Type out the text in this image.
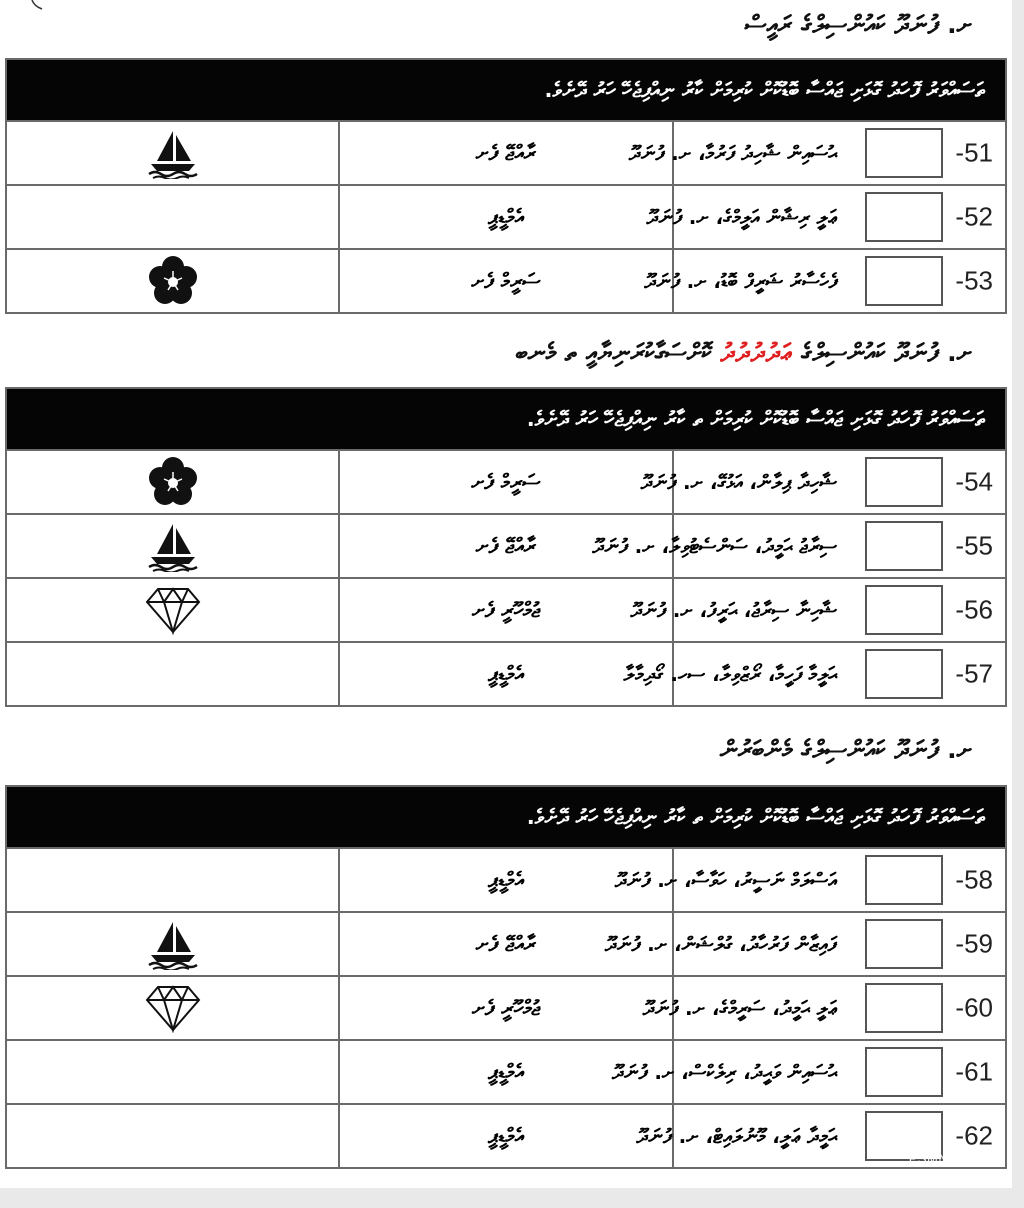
ށ. ފުނަދޫ ކައުންސިލްގެ ރައީސް
ތަސައްވަރު ފޮހަދު ގޮޅަށި ޖައްސާ ބޮޑުކޮށް ކުރިމަށް ކާރު ނިއްފިޖެހޭ ހަރު ދޭށެވެ.		

	ރާއްޖޭ ފެށ	ޙުސައިން ޝާހިދު ފަރުމާ، ށ. ފުނަދޫ -51

	އެމްޑީޕީ	ޢަލީ ރިޝާން އަލީމްގެ، ށ. ފުނަދޫ -52

	ސަރީމް ފެށ	ފެހެސާރު ޝަރީފް ބޮޑު، ށ. ފުނަދޫ -53
ށ. ފުނަދޫ ކައުންސިލްގެ ޢަދުދުދުދު ކޮށްސަގާކުރަނިޔާއީ ތ މެނބ
ތަސައްވަރު ފޮހަދު ގޮޅަށި ޖައްސާ ބޮޑުކޮށް ކުރިމަށް ތ ކާރު ނިއްފިޖެހޭ ހަރު ދޭށެވެ.		

	ސަރީމް ފެށ	ޝާހިދާ ޕިލާން، އަޅުގޭ، ށ. ފުނަދޫ -54

	ރާއްޖޭ ފެށ	ސިރާޖު ޙަމީދު، ސަންސެޓުވިލާ، ށ. ފުނަދޫ -55

	ޖުމްހޫރީ ފެށ	ޝާހިނާ ސިރާޖު، ޙަރީފު، ށ. ފުނަދޫ -56

	އެމްޑީޕީ	ޙަލީމާ ފަހީމާ، ރޯޒްވިލާ، ސހ. ގޯދިމާލާ -57
ށ. ފުނަދޫ ކައުންސިލްގެ މެންބަރުން
ތަސައްވަރު ފޮހަދު ގޮޅަށި ޖައްސާ ބޮޑުކޮށް ކުރިމަށް ތ ކާރު ނިއްފިޖެހޭ ހަރު ދޭށެވެ.		
	އެމްޑީޕީ	އަސްލަމް ނަސީރު، ހަވާސާ، ށ. ފުނަދޫ -58

	ރާއްޖޭ ފެށ	ފައިޒާން ފަރުހާދު، ގުލްޝަން، ށ. ފުނަދޫ -59

	ޖުމްހޫރީ ފެށ	ޢަލީ ޙަމީދު، ސަރީމްގެ، ށ. ފުނަދޫ -60

	އެމްޑީޕީ	ޙުސައިން ވަޙީދު، ރިލެކްސް، ށ. ފުނަދޫ -61

	އެމްޑީޕީ	ޙަމީދާ ޢަލީ، މޫނުލައިޓް، ށ. ފުނަދޫ -62
PSMNEWS.MV
